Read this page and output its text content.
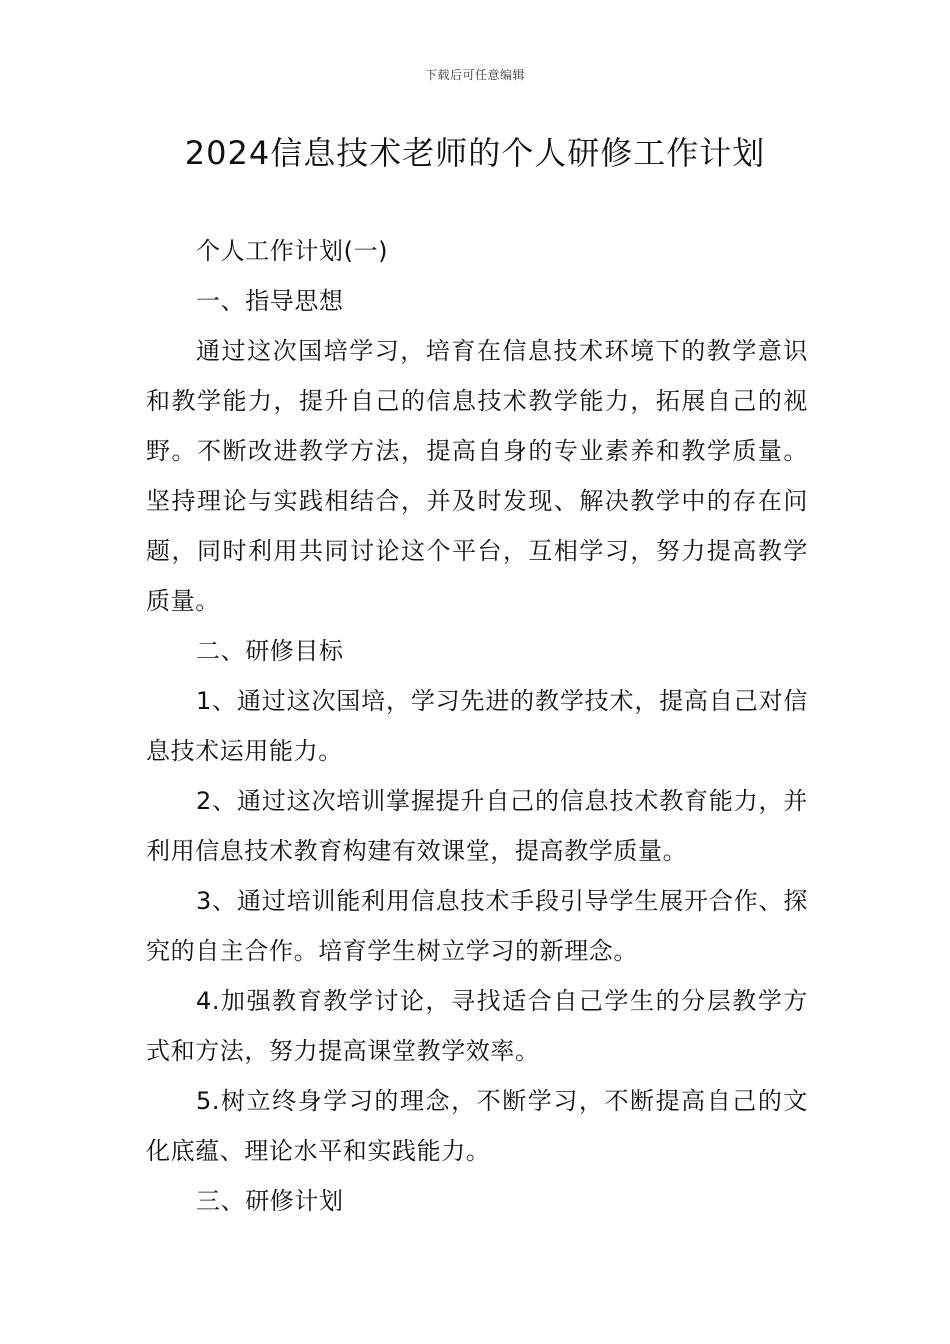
下载后可任意编辑
2024信息技术老师的个人研修工作计划

个人工作计划(一)

一、指导思想

通过这次国培学习，培育在信息技术环境下的教学意识和教学能力，提升自己的信息技术教学能力，拓展自己的视野。不断改进教学方法，提高自身的专业素养和教学质量。坚持理论与实践相结合，并及时发现、解决教学中的存在问题，同时利用共同讨论这个平台，互相学习，努力提高教学质量。

二、研修目标

1、通过这次国培，学习先进的教学技术，提高自己对信息技术运用能力。

2、通过这次培训掌握提升自己的信息技术教育能力，并利用信息技术教育构建有效课堂，提高教学质量。

3、通过培训能利用信息技术手段引导学生展开合作、探究的自主合作。培育学生树立学习的新理念。

4.加强教育教学讨论，寻找适合自己学生的分层教学方式和方法，努力提高课堂教学效率。

5.树立终身学习的理念，不断学习，不断提高自己的文化底蕴、理论水平和实践能力。

三、研修计划
